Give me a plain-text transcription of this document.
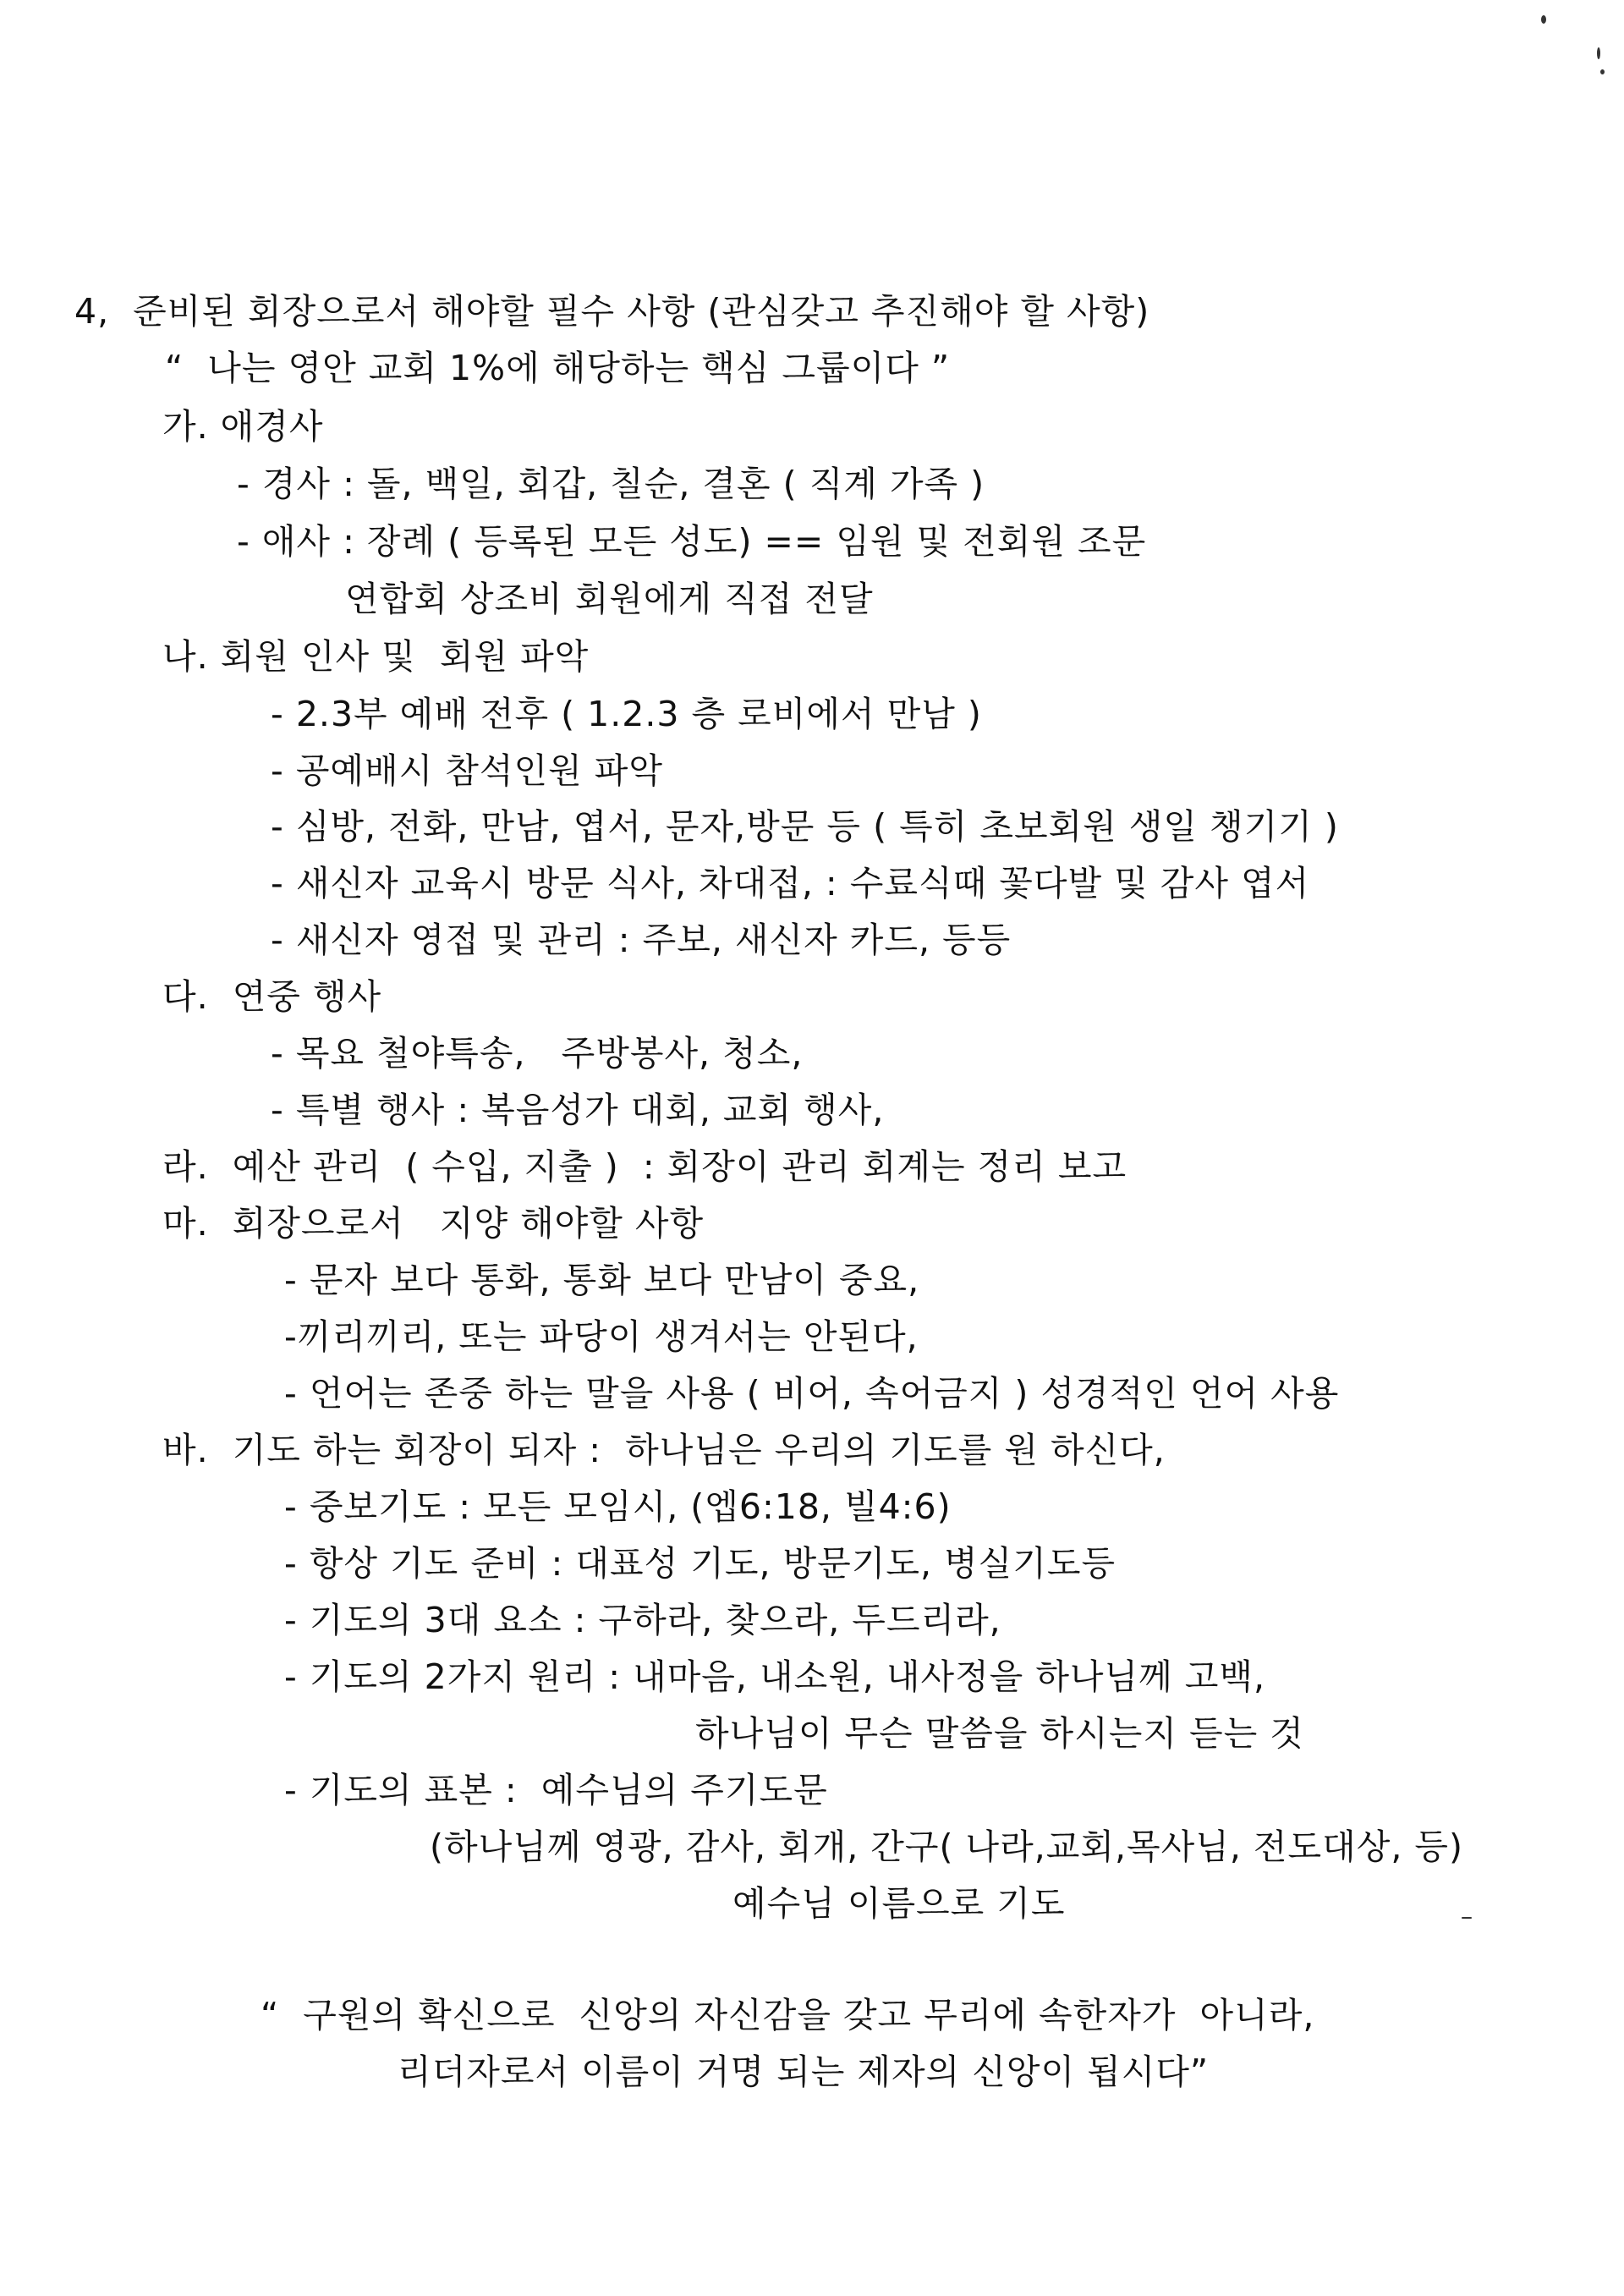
4,  준비된 회장으로서 해야할 필수 사항 (관심갖고 추진해야 할 사항)
“  나는 영안 교회 1%에 해당하는 핵심 그룹이다 ”
가. 애경사
- 경사 : 돌, 백일, 회갑, 칠순, 결혼 ( 직계 가족 )
- 애사 : 장례 ( 등록된 모든 성도) == 임원 및 전회원 조문
연합회 상조비 회원에게 직접 전달
나. 회원 인사 및  회원 파악
- 2.3부 예배 전후 ( 1.2.3 층 로비에서 만남 )
- 공예배시 참석인원 파악
- 심방, 전화, 만남, 엽서, 문자,방문 등 ( 특히 초보회원 생일 챙기기 )
- 새신자 교육시 방문 식사, 차대접, : 수료식때 꽃다발 및 감사 엽서
- 새신자 영접 및 관리 : 주보, 새신자 카드, 등등
다.  연중 행사
- 목요 철야특송,   주방봉사, 청소,
- 특별 행사 : 복음성가 대회, 교회 행사,
라.  예산 관리  ( 수입, 지출 )  : 회장이 관리 회계는 정리 보고
마.  회장으로서   지양 해야할 사항
- 문자 보다 통화, 통화 보다 만남이 중요,
-끼리끼리, 또는 파당이 생겨서는 안된다,
- 언어는 존중 하는 말을 사용 ( 비어, 속어금지 ) 성경적인 언어 사용
바.  기도 하는 회장이 되자 :  하나님은 우리의 기도를 원 하신다,
- 중보기도 : 모든 모임시, (엡6:18, 빌4:6)
- 항상 기도 준비 : 대표성 기도, 방문기도, 병실기도등
- 기도의 3대 요소 : 구하라, 찾으라, 두드리라,
- 기도의 2가지 원리 : 내마음, 내소원, 내사정을 하나님께 고백,
하나님이 무슨 말씀을 하시는지 듣는 것
- 기도의 표본 :  예수님의 주기도문
(하나님께 영광, 감사, 회개, 간구( 나라,교회,목사님, 전도대상, 등)
예수님 이름으로 기도
“  구원의 확신으로  신앙의 자신감을 갖고 무리에 속한자가  아니라,
리더자로서 이름이 거명 되는 제자의 신앙이 됩시다”
